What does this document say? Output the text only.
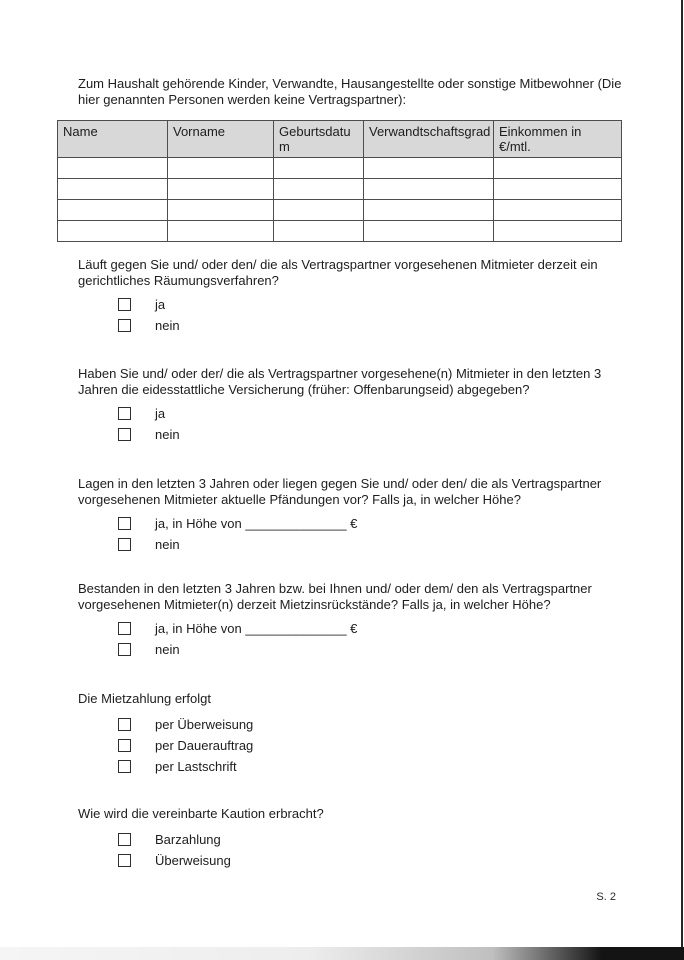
Zum Haushalt gehörende Kinder, Verwandte, Hausangestellte oder sonstige Mitbewohner (Die hier genannten Personen werden keine Vertragspartner):
Name	Vorname	Geburtsdatum	Verwandtschaftsgrad	Einkommen in €/mtl.

Läuft gegen Sie und/ oder den/ die als Vertragspartner vorgesehenen Mitmieter derzeit ein gerichtliches Räumungsverfahren?
ja
nein
Haben Sie und/ oder der/ die als Vertragspartner vorgesehene(n) Mitmieter in den letzten 3 Jahren die eidesstattliche Versicherung (früher: Offenbarungseid) abgegeben?
ja
nein
Lagen in den letzten 3 Jahren oder liegen gegen Sie und/ oder den/ die als Vertragspartner vorgesehenen Mitmieter aktuelle Pfändungen vor? Falls ja, in welcher Höhe?
ja, in Höhe von ______________ €
nein
Bestanden in den letzten 3 Jahren bzw. bei Ihnen und/ oder dem/ den als Vertragspartner vorgesehenen Mitmieter(n) derzeit Mietzinsrückstände? Falls ja, in welcher Höhe?
ja, in Höhe von ______________ €
nein
Die Mietzahlung erfolgt
per Überweisung
per Dauerauftrag
per Lastschrift
Wie wird die vereinbarte Kaution erbracht?
Barzahlung
Überweisung
S. 2
